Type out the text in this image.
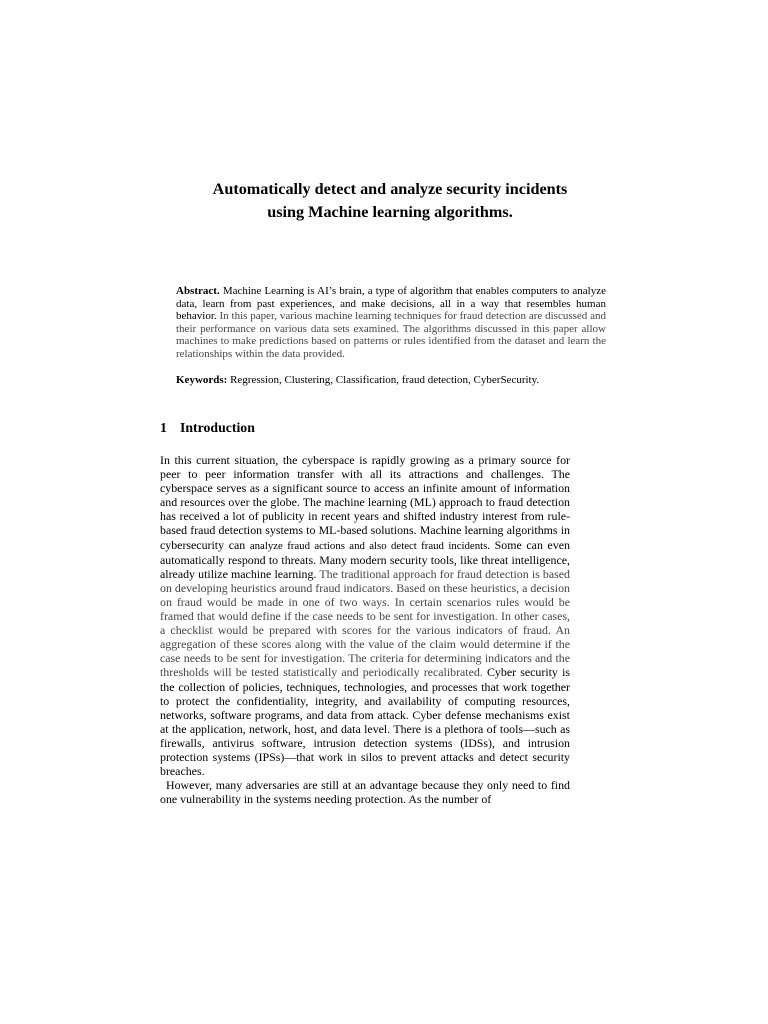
Automatically detect and analyze security incidents
using Machine learning algorithms.
Abstract. Machine Learning is AI’s brain, a type of algorithm that enables computers to analyze data, learn from past experiences, and make decisions, all in a way that resembles human behavior. In this paper, various machine learning techniques for fraud detection are discussed and their performance on various data sets examined. The algorithms discussed in this paper allow machines to make predictions based on patterns or rules identified from the dataset and learn the relationships within the data provided.
Keywords: Regression, Clustering, Classification, fraud detection, CyberSecurity.
1 Introduction

In this current situation, the cyberspace is rapidly growing as a primary source for peer to peer information transfer with all its attractions and challenges. The cyberspace serves as a significant source to access an infinite amount of information and resources over the globe. The machine learning (ML) approach to fraud detection has received a lot of publicity in recent years and shifted industry interest from rule-based fraud detection systems to ML-based solutions. Machine learning algorithms in cybersecurity can analyze fraud actions and also detect fraud incidents. Some can even automatically respond to threats. Many modern security tools, like threat intelligence, already utilize machine learning. The traditional approach for fraud detection is based on developing heuristics around fraud indicators. Based on these heuristics, a decision on fraud would be made in one of two ways. In certain scenarios rules would be framed that would define if the case needs to be sent for investigation. In other cases, a checklist would be prepared with scores for the various indicators of fraud. An aggregation of these scores along with the value of the claim would determine if the case needs to be sent for investigation. The criteria for determining indicators and the thresholds will be tested statistically and periodically recalibrated. Cyber security is the collection of policies, techniques, technologies, and processes that work together to protect the confidentiality, integrity, and availability of computing resources, networks, software programs, and data from attack. Cyber defense mechanisms exist at the application, network, host, and data level. There is a plethora of tools—such as firewalls, antivirus software, intrusion detection systems (IDSs), and intrusion protection systems (IPSs)—that work in silos to prevent attacks and detect security breaches.

However, many adversaries are still at an advantage because they only need to find one vulnerability in the systems needing protection. As the number of
